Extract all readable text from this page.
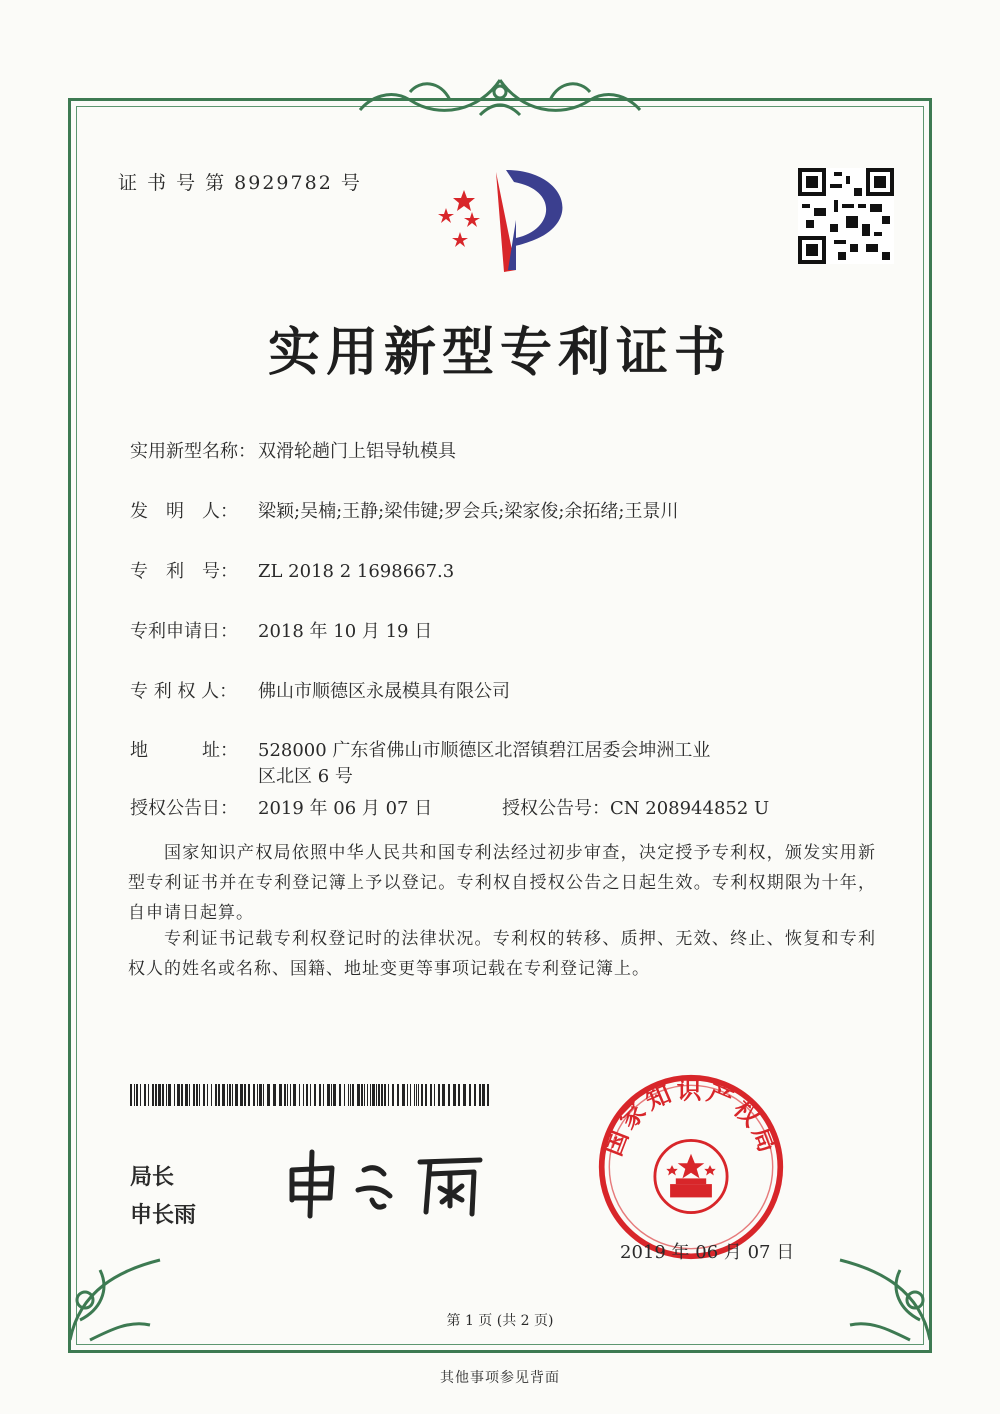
证 书 号 第 8929782 号
实用新型专利证书
实用新型名称： 双滑轮趟门上铝导轨模具
发　明　人： 梁颖;吴楠;王静;梁伟键;罗会兵;梁家俊;余拓绪;王景川
专　利　号： ZL 2018 2 1698667.3
专利申请日： 2018 年 10 月 19 日
专 利 权 人： 佛山市顺德区永晟模具有限公司
地　　　址： 528000 广东省佛山市顺德区北滘镇碧江居委会坤洲工业
区北区 6 号
授权公告日： 2019 年 06 月 07 日	授权公告号：CN 208944852 U
国家知识产权局依照中华人民共和国专利法经过初步审查，决定授予专利权，颁发实用新型专利证书并在专利登记簿上予以登记。专利权自授权公告之日起生效。专利权期限为十年，自申请日起算。
专利证书记载专利权登记时的法律状况。专利权的转移、质押、无效、终止、恢复和专利权人的姓名或名称、国籍、地址变更等事项记载在专利登记簿上。
局长
申长雨
国家知识产权局
2019 年 06 月 07 日
第 1 页 (共 2 页)
其他事项参见背面
